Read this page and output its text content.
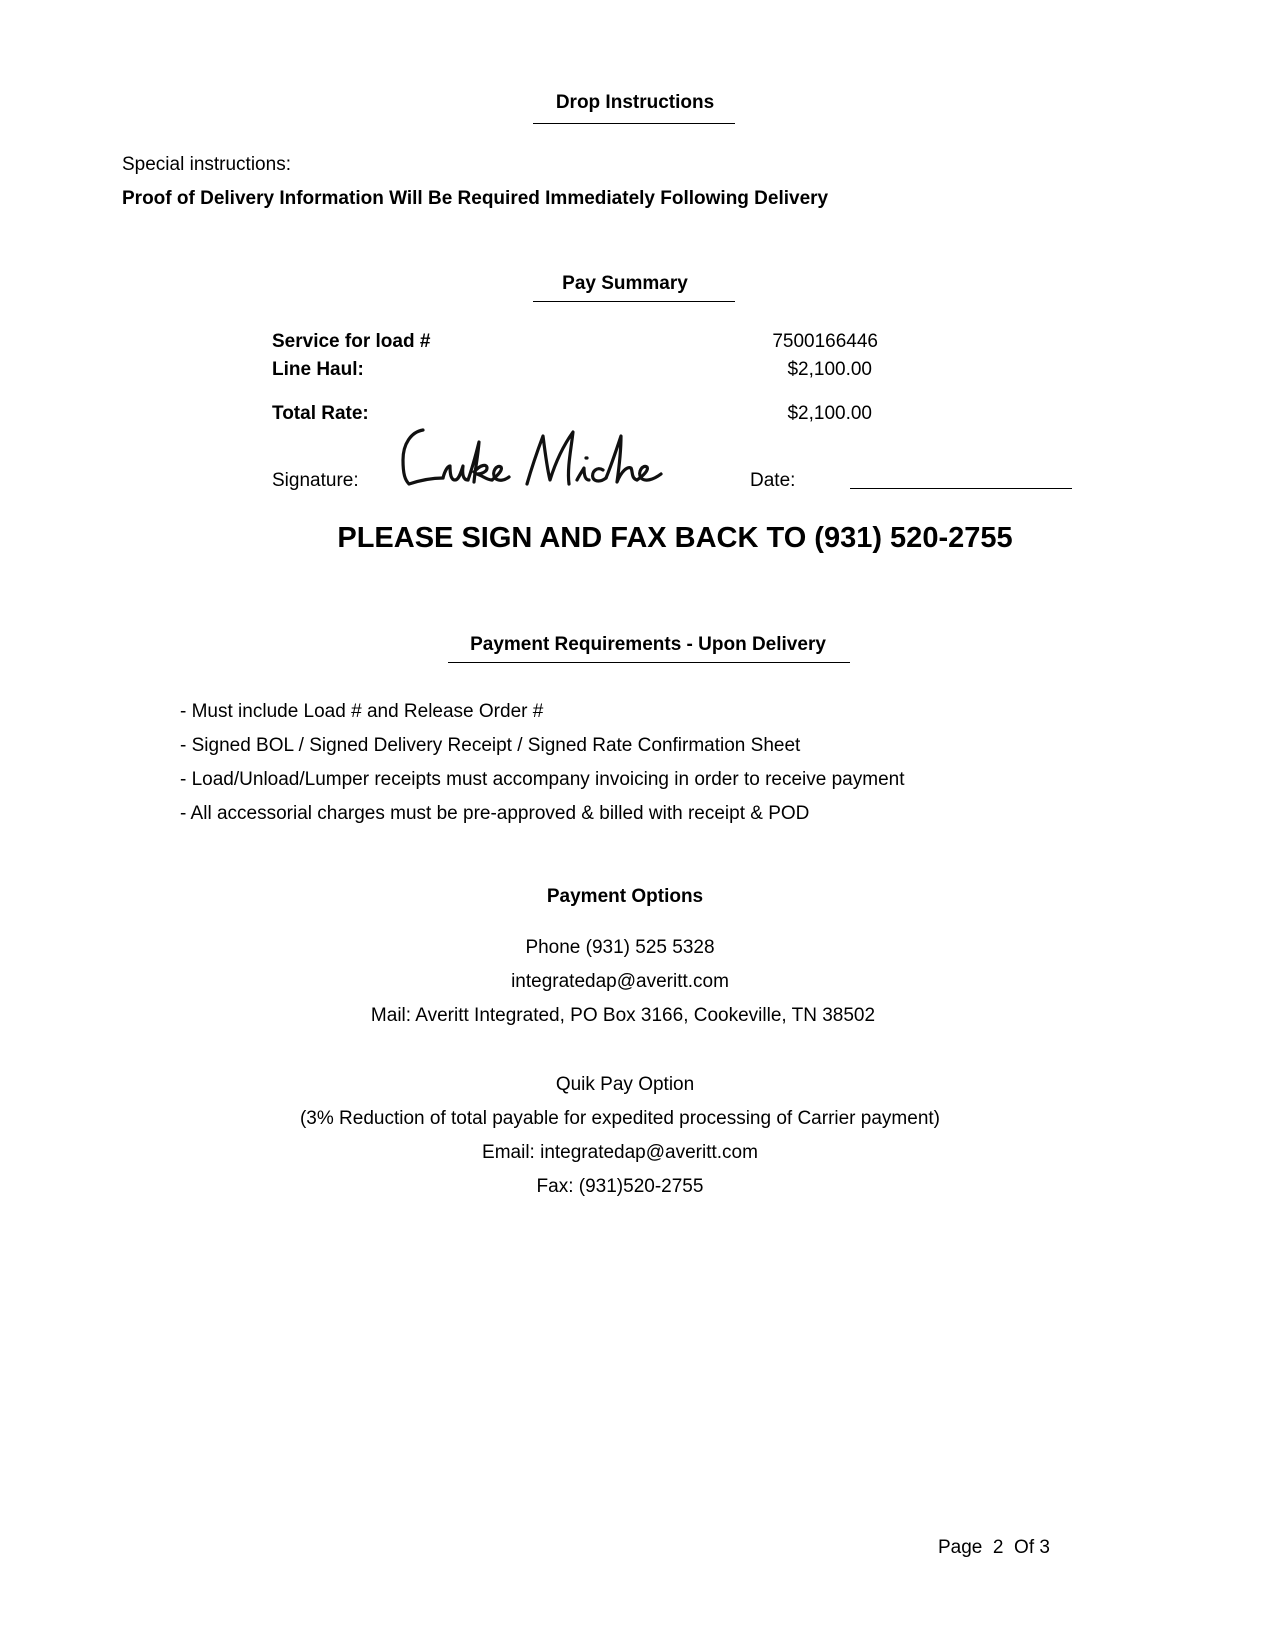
Drop Instructions
Special instructions:
Proof of Delivery Information Will Be Required Immediately Following Delivery
Pay Summary
Service for load #	7500166446
Line Haul:	$2,100.00
Total Rate:	$2,100.00
Signature:	Date:
PLEASE SIGN AND FAX BACK TO (931) 520-2755
Payment Requirements - Upon Delivery
- Must include Load # and Release Order #
- Signed BOL / Signed Delivery Receipt / Signed Rate Confirmation Sheet
- Load/Unload/Lumper receipts must accompany invoicing in order to receive payment
- All accessorial charges must be pre-approved & billed with receipt & POD
Payment Options
Phone (931) 525 5328
integratedap@averitt.com
Mail: Averitt Integrated, PO Box 3166, Cookeville, TN 38502
Quik Pay Option
(3% Reduction of total payable for expedited processing of Carrier payment)
Email: integratedap@averitt.com
Fax: (931)520-2755
Page  2  Of 3
